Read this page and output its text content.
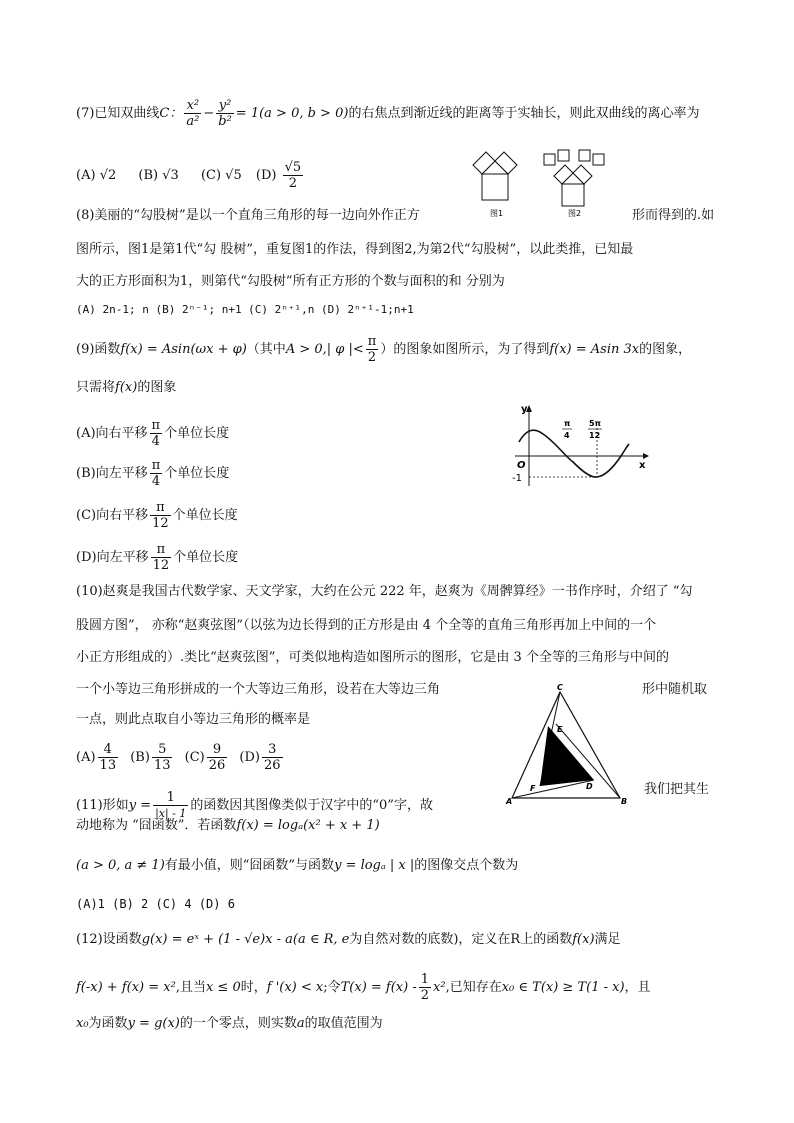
(7)已知双曲线C： $\frac{\text{x²}}{\text{a²}} - \frac{\text{y²}}{\text{b²}} = 1(a > 0$, b > 0)的右焦点到渐近线的距离等于实轴长，则此双曲线的离心率为
(A) √2 (B) √3 (C) √5 $(D) \frac{√5}{2}$
图1	图2
(8)美丽的“勾股树”是以一个直角三角形的每一边向外作正方	形而得到的.如
图所示，图1是第1代“勾 股树”，重复图1的作法，得到图2,为第2代“勾股树”，以此类推，已知最
大的正方形面积为1，则第代“勾股树”所有正方形的个数与面积的和 分别为
(A) 2n-1; n (B) 2ⁿ⁻¹; n+1 (C) 2ⁿ⁺¹,n (D) 2ⁿ⁺¹-1;n+1
(9)函数f(x) = Asin(ωx + φ)（其中A > 0,| φ |< $\frac{\pi}{2}$ ）的图象如图所示，为了得到f(x) = Asin 3x的图象，
只需将f(x)的图象
(A)向右平移 $\frac{\pi}{4}$ 个单位长度
(B)向左平移 $\frac{\pi}{4}$ 个单位长度
(C)向右平移 $\frac{\pi}{12}$ 个单位长度
(D)向左平移 $\frac{\pi}{12}$ 个单位长度
y
x
O
-1
π
4
5π
12
(10)赵爽是我国古代数学家、天文学家，大约在公元 222 年，赵爽为《周髀算经》一书作序时，介绍了 “勾
股圆方图”， 亦称“赵爽弦图”（以弦为边长得到的正方形是由 4 个全等的直角三角形再加上中间的一个
小正方形组成的）.类比“赵爽弦图”，可类似地构造如图所示的图形，它是由 3 个全等的三角形与中间的
一个小等边三角形拼成的一个大等边三角形，设若在大等边三角	形中随机取
一点，则此点取自小等边三角形的概率是
$(A) \frac{4}{13} (B) \frac{5}{13} (C) \frac{9}{26} (D) \frac{3}{26}$
A	B
C
D
E
F
(11)形如$y = \frac{1}{|x| - 1}$ 的函数因其图像类似于汉字中的“0”字，故
我们把其生
动地称为 “囧函数”．若函数f(x) = logₐ(x² + x + 1)
(a > 0, a ≠ 1)有最小值，则“囧函数”与函数y = logₐ | x |的图像交点个数为
(A)1 (B) 2 (C) 4 (D) 6
(12)设函数g(x) = eˣ + (1 - √e)x - a(a ∈ R, e为自然对数的底数)，定义在R上的函数f(x)满足
f(-x) + f(x) = x²,且当x ≤ 0时，f '(x) < x;令$T(x) = f(x) - \frac{1}{2} x^2$,已知存在x₀ ∈ T(x) ≥ T(1 - x)，且
x₀为函数y = g(x)的一个零点，则实数a的取值范围为
